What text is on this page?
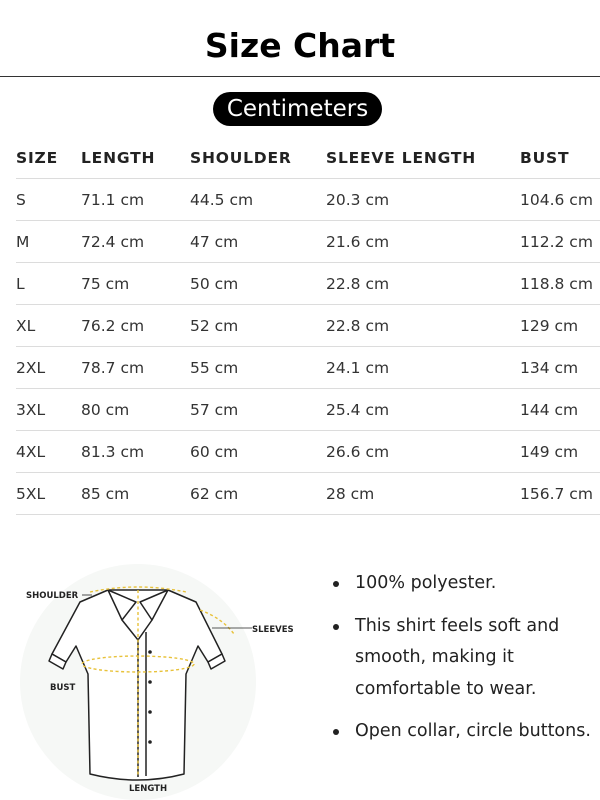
Size Chart
Centimeters
SIZE	LENGTH	SHOULDER	SLEEVE LENGTH	BUST
S	71.1 cm	44.5 cm	20.3 cm	104.6 cm
M	72.4 cm	47 cm	21.6 cm	112.2 cm
L	75 cm	50 cm	22.8 cm	118.8 cm
XL	76.2 cm	52 cm	22.8 cm	129 cm
2XL	78.7 cm	55 cm	24.1 cm	134 cm
3XL	80 cm	57 cm	25.4 cm	144 cm
4XL	81.3 cm	60 cm	26.6 cm	149 cm
5XL	85 cm	62 cm	28 cm	156.7 cm
SHOULDER
SLEEVES
BUST
LENGTH
100% polyester.
This shirt feels soft and smooth, making it comfortable to wear.
Open collar, circle buttons.
